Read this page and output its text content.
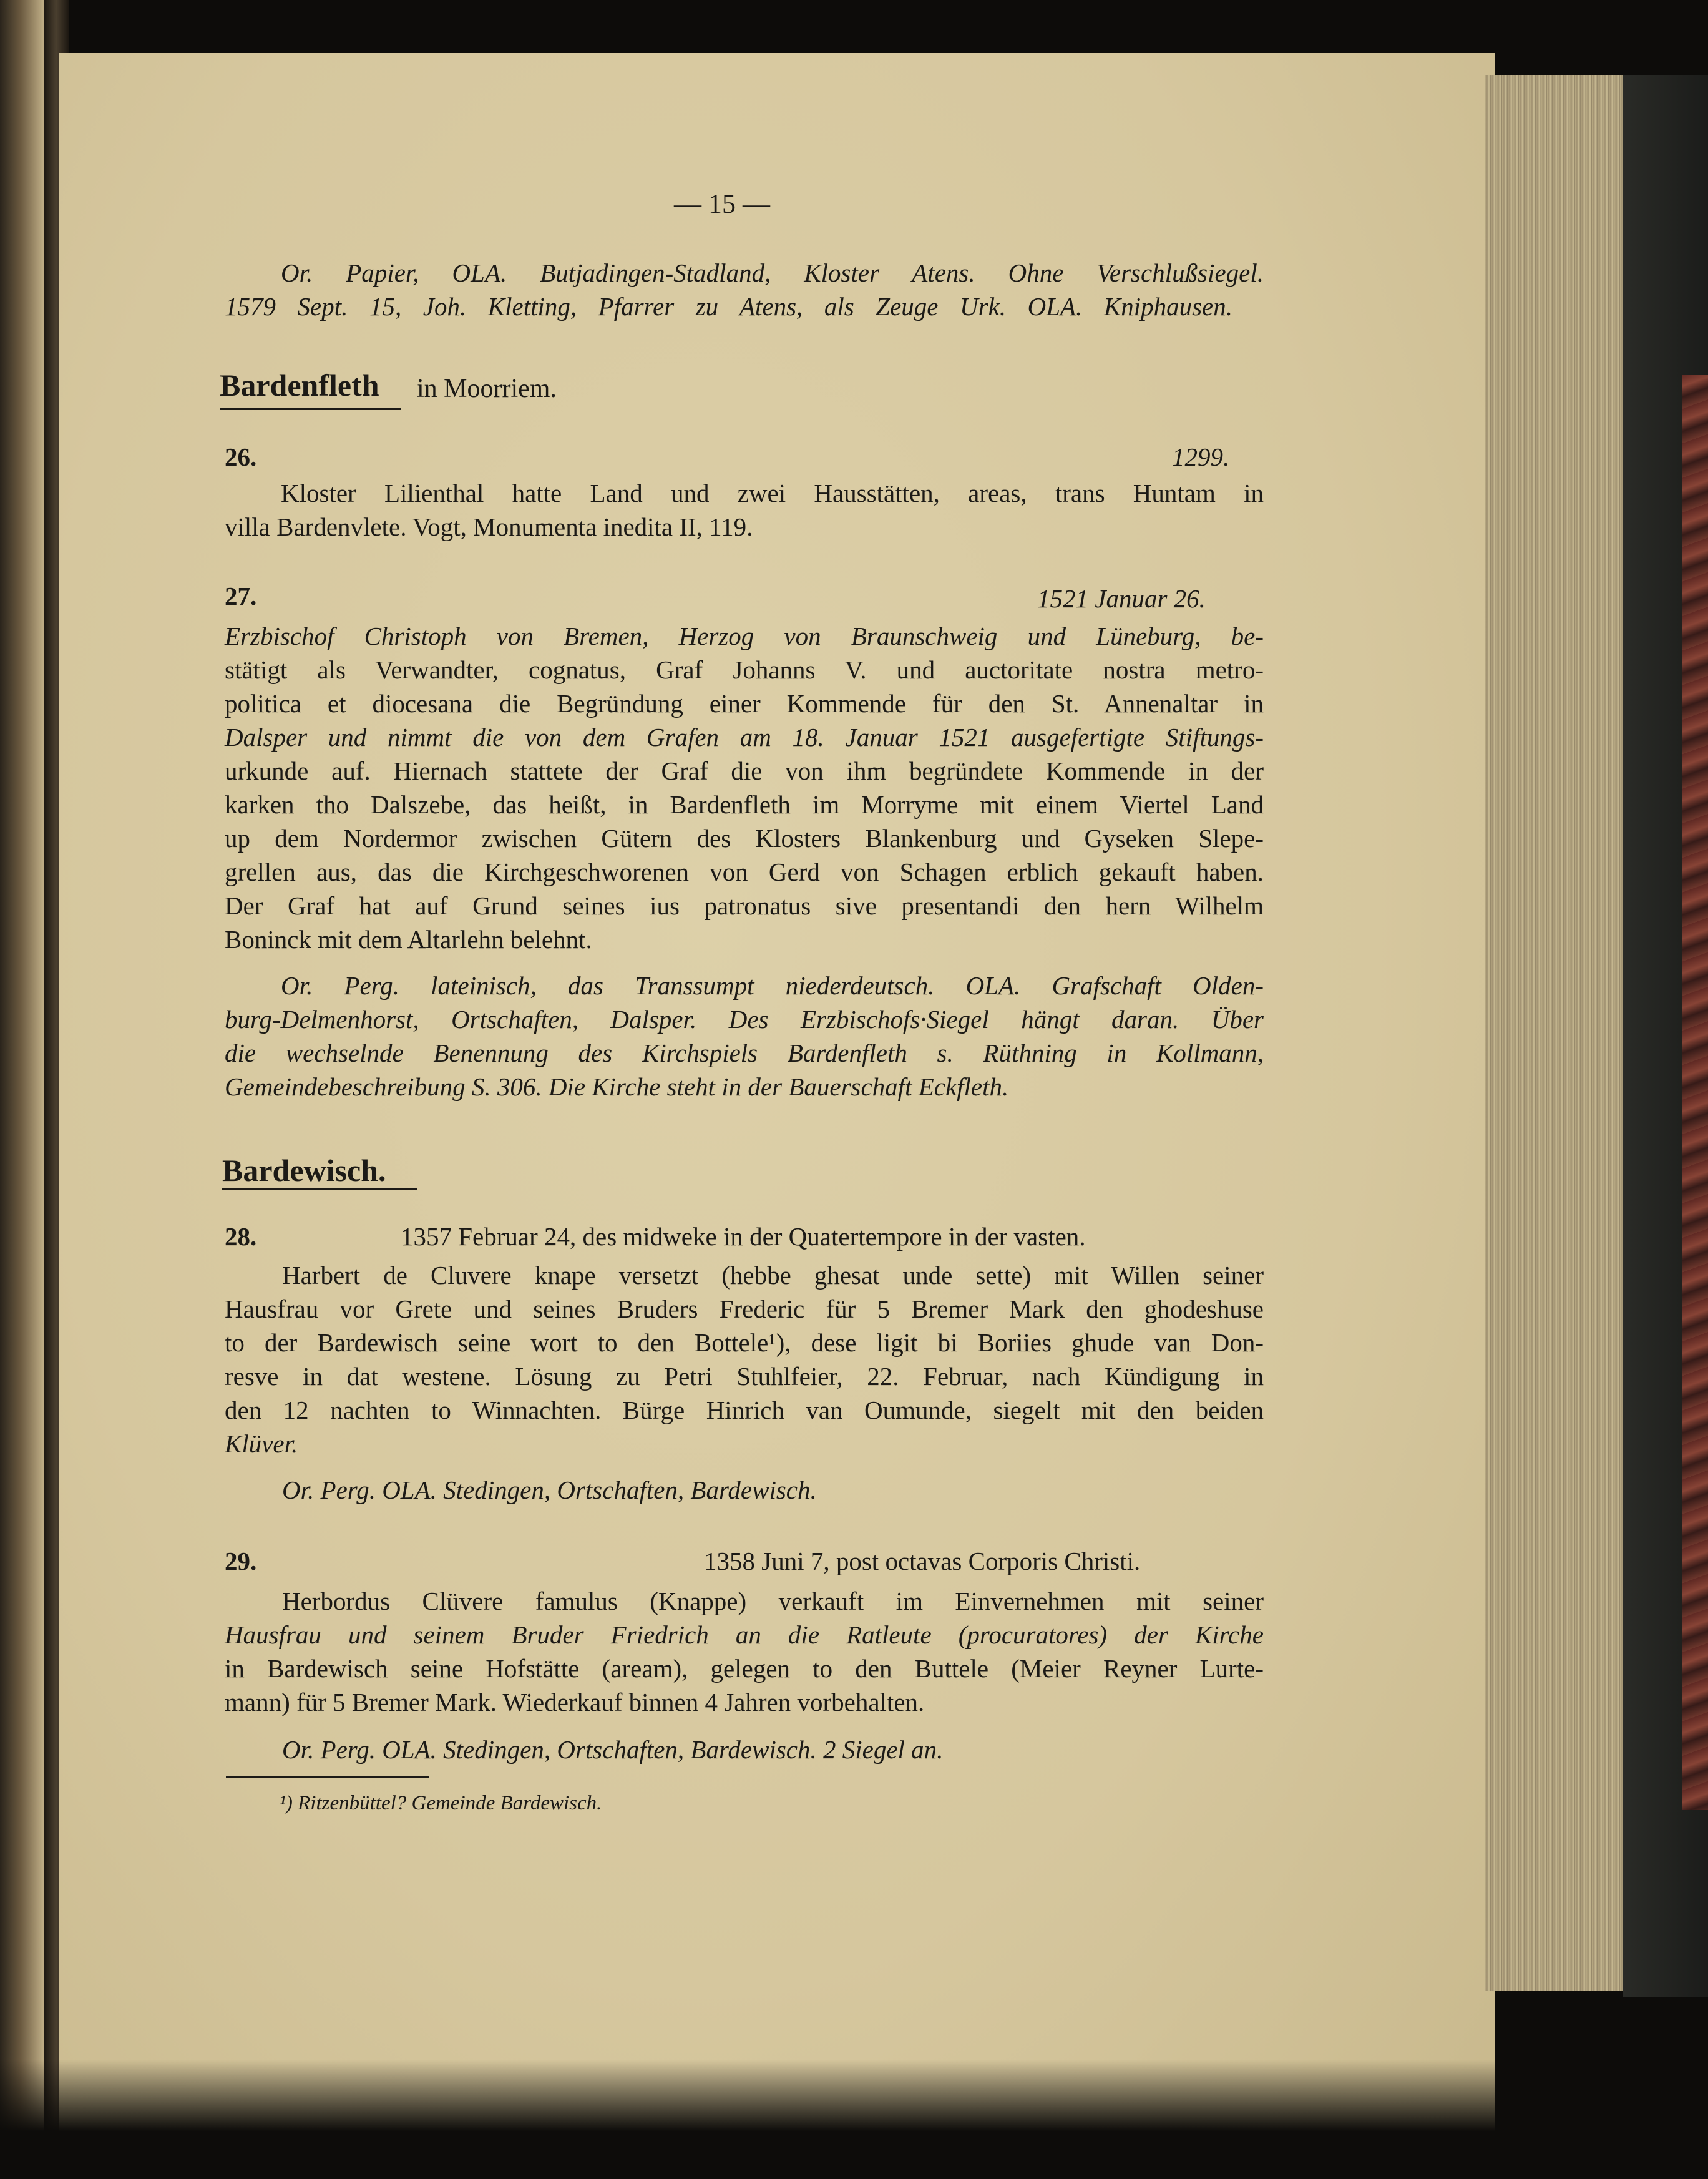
— 15 —
Or. Papier, OLA. Butjadingen-Stadland, Kloster Atens. Ohne Verschlußsiegel.
1579 Sept. 15, Joh. Kletting, Pfarrer zu Atens, als Zeuge Urk. OLA. Kniphausen.
Bardenfleth in Moorriem.
26.	1299.
Kloster Lilienthal hatte Land und zwei Hausstätten, areas, trans Huntam in
villa Bardenvlete. Vogt, Monumenta inedita II, 119.
27.	1521 Januar 26.
Erzbischof Christoph von Bremen, Herzog von Braunschweig und Lüneburg, be-
stätigt als Verwandter, cognatus, Graf Johanns V. und auctoritate nostra metro-
politica et diocesana die Begründung einer Kommende für den St. Annenaltar in
Dalsper und nimmt die von dem Grafen am 18. Januar 1521 ausgefertigte Stiftungs-
urkunde auf. Hiernach stattete der Graf die von ihm begründete Kommende in der
karken tho Dalszebe, das heißt, in Bardenfleth im Morryme mit einem Viertel Land
up dem Nordermor zwischen Gütern des Klosters Blankenburg und Gyseken Slepe-
grellen aus, das die Kirchgeschworenen von Gerd von Schagen erblich gekauft haben.
Der Graf hat auf Grund seines ius patronatus sive presentandi den hern Wilhelm
Boninck mit dem Altarlehn belehnt.
Or. Perg. lateinisch, das Transsumpt niederdeutsch. OLA. Grafschaft Olden-
burg-Delmenhorst, Ortschaften, Dalsper. Des Erzbischofs·Siegel hängt daran. Über
die wechselnde Benennung des Kirchspiels Bardenfleth s. Rüthning in Kollmann,
Gemeindebeschreibung S. 306. Die Kirche steht in der Bauerschaft Eckfleth.
Bardewisch.
28.	1357 Februar 24, des midweke in der Quatertempore in der vasten.
Harbert de Cluvere knape versetzt (hebbe ghesat unde sette) mit Willen seiner
Hausfrau vor Grete und seines Bruders Frederic für 5 Bremer Mark den ghodeshuse
to der Bardewisch seine wort to den Bottele¹), dese ligit bi Boriies ghude van Don-
resve in dat westene. Lösung zu Petri Stuhlfeier, 22. Februar, nach Kündigung in
den 12 nachten to Winnachten. Bürge Hinrich van Oumunde, siegelt mit den beiden
Klüver.
Or. Perg. OLA. Stedingen, Ortschaften, Bardewisch.
29.	1358 Juni 7, post octavas Corporis Christi.
Herbordus Clüvere famulus (Knappe) verkauft im Einvernehmen mit seiner
Hausfrau und seinem Bruder Friedrich an die Ratleute (procuratores) der Kirche
in Bardewisch seine Hofstätte (aream), gelegen to den Buttele (Meier Reyner Lurte-
mann) für 5 Bremer Mark. Wiederkauf binnen 4 Jahren vorbehalten.
Or. Perg. OLA. Stedingen, Ortschaften, Bardewisch. 2 Siegel an.
¹) Ritzenbüttel? Gemeinde Bardewisch.
